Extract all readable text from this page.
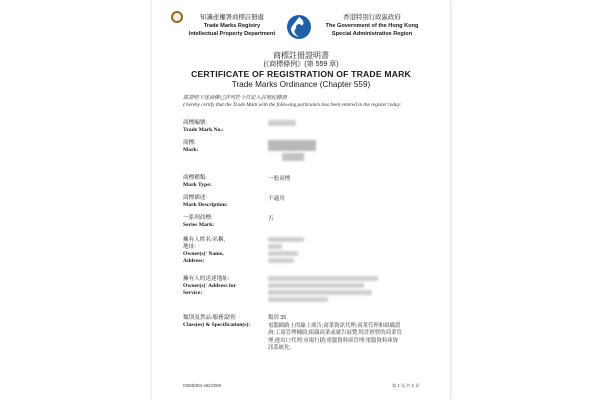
知識產權署商標註冊處
Trade Marks Registry
Intellectual Property Department
香港特別行政區政府
The Government of the Hong Kong
Special Administrative Region
商標註冊證明書
(《商標條例》(第 559 章)
CERTIFICATE OF REGISTRATION OF TRADE MARK
Trade Marks Ordinance (Chapter 559)
茲證明下述商標已詳列於今日記入註冊紀錄冊
I hereby certify that the Trade Mark with the following particulars has been entered in the register today:
商標編號:
Trade Mark No.:
商標:
Mark:
商標種類:
Mark Type:
一般商標
商標描述:
Mark Description:
不適用
一系列商標:
Series Mark:
否
擁有人姓名/名稱,
地址:
Owner(s)' Name,
Address:
擁有人的送達地址:
Owner(s)' Address for
Service:
類別及貨品/服務說明:
Class(es) & Specification(s):
類別 35
電腦網路上的線上廣告;商業資訊代理;商業管理和組織諮
詢;工商管理輔助;組織商業或廣告展覽;特許經營的商業管
理;進出口代理;市場行銷;電腦資料庫管理;電腦資料庫資
訊系統化。
IS569/304-4622/069	第 1 頁,共 2 頁
